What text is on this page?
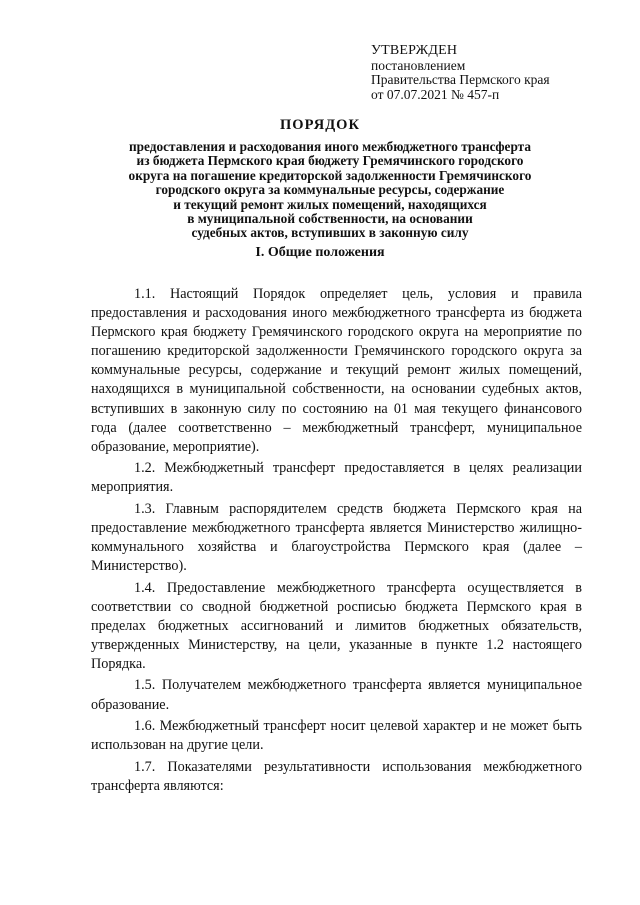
УТВЕРЖДЕН
постановлением
Правительства Пермского края
от 07.07.2021 № 457-п
ПОРЯДОК
предоставления и расходования иного межбюджетного трансферта
из бюджета Пермского края бюджету Гремячинского городского
округа на погашение кредиторской задолженности Гремячинского
городского округа за коммунальные ресурсы, содержание
и текущий ремонт жилых помещений, находящихся
в муниципальной собственности, на основании
судебных актов, вступивших в законную силу
I. Общие положения

1.1. Настоящий Порядок определяет цель, условия и правила предоставления и расходования иного межбюджетного трансферта из бюджета Пермского края бюджету Гремячинского городского округа на мероприятие по погашению кредиторской задолженности Гремячинского городского округа за коммунальные ресурсы, содержание и текущий ремонт жилых помещений, находящихся в муниципальной собственности, на основании судебных актов, вступивших в законную силу по состоянию на 01 мая текущего финансового года (далее соответственно – межбюджетный трансферт, муниципальное образование, мероприятие).

1.2. Межбюджетный трансферт предоставляется в целях реализации мероприятия.

1.3. Главным распорядителем средств бюджета Пермского края на предоставление межбюджетного трансферта является Министерство жилищно-коммунального хозяйства и благоустройства Пермского края (далее – Министерство).

1.4. Предоставление межбюджетного трансферта осуществляется в соответствии со сводной бюджетной росписью бюджета Пермского края в пределах бюджетных ассигнований и лимитов бюджетных обязательств, утвержденных Министерству, на цели, указанные в пункте 1.2 настоящего Порядка.

1.5. Получателем межбюджетного трансферта является муниципальное образование.

1.6. Межбюджетный трансферт носит целевой характер и не может быть использован на другие цели.

1.7. Показателями результативности использования межбюджетного трансферта являются:
